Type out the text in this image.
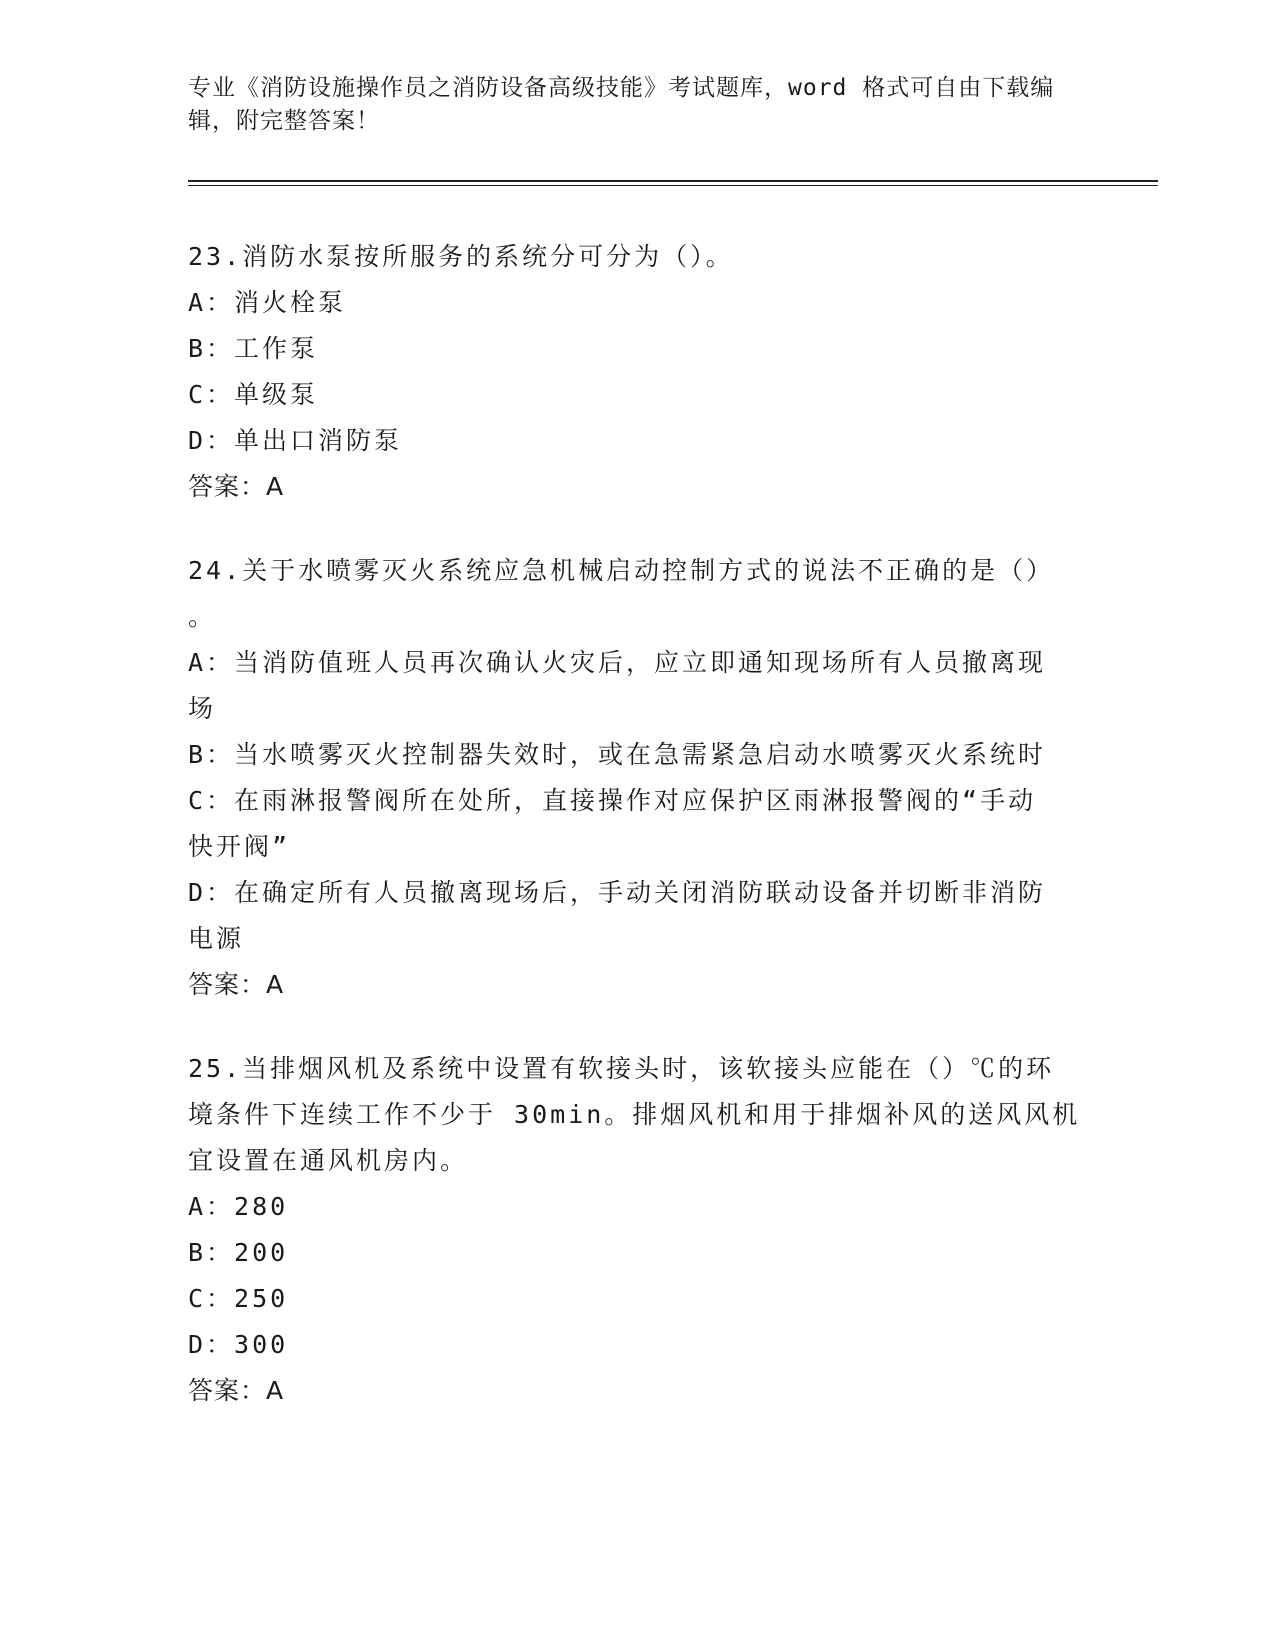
专业《消防设施操作员之消防设备高级技能》考试题库，word 格式可自由下载编
辑，附完整答案！
23.消防水泵按所服务的系统分可分为（）。
A：消火栓泵
B：工作泵
C：单级泵
D：单出口消防泵
答案：A
24.关于水喷雾灭火系统应急机械启动控制方式的说法不正确的是（）
。
A：当消防值班人员再次确认火灾后，应立即通知现场所有人员撤离现
场
B：当水喷雾灭火控制器失效时，或在急需紧急启动水喷雾灭火系统时
C：在雨淋报警阀所在处所，直接操作对应保护区雨淋报警阀的“手动
快开阀”
D：在确定所有人员撤离现场后，手动关闭消防联动设备并切断非消防
电源
答案：A
25.当排烟风机及系统中设置有软接头时，该软接头应能在（）℃的环
境条件下连续工作不少于 30min。排烟风机和用于排烟补风的送风风机
宜设置在通风机房内。
A：280
B：200
C：250
D：300
答案：A
